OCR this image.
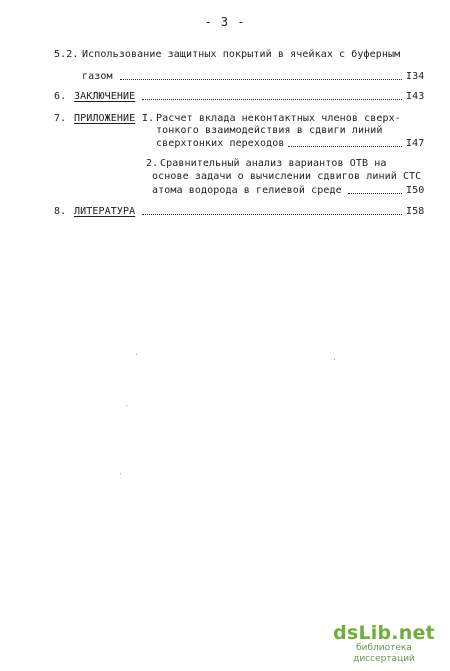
- 3 -
5.2. Использование защитных покрытий в ячейках с буферным
газом	I34
6. ЗАКЛЮЧЕНИЕ	I43
7. ПРИЛОЖЕНИЕ I. Расчет вклада неконтактных членов сверх-
тонкого взаимодействия в сдвиги линий
сверхтонких переходов	I47
2. Сравнительный анализ вариантов ОТВ на
основе задачи о вычислении сдвигов линий СТС
атома водорода в гелиевой среде	I50
8. ЛИТЕРАТУРА	I58
dsLib.net
библиотека диссертаций
